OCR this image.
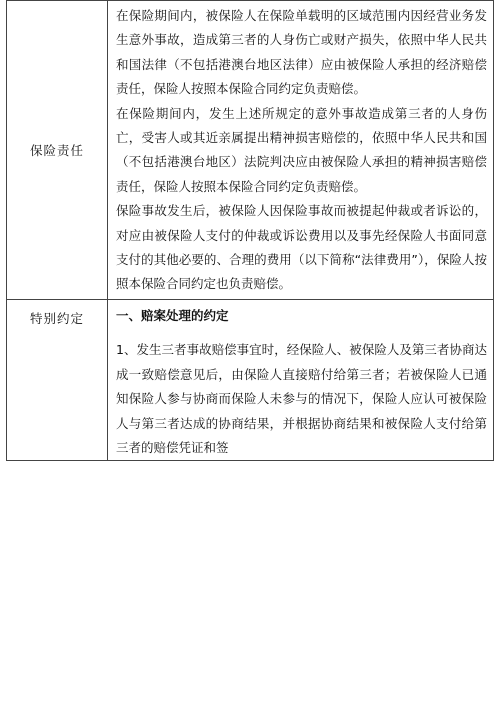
保险责任	在保险期间内，被保险人在保险单载明的区域范围内因经营业务发生意外事故，造成第三者的人身伤亡或财产损失，依照中华人民共和国法律（不包括港澳台地区法律）应由被保险人承担的经济赔偿责任，保险人按照本保险合同约定负责赔偿。

在保险期间内，发生上述所规定的意外事故造成第三者的人身伤亡，受害人或其近亲属提出精神损害赔偿的，依照中华人民共和国（不包括港澳台地区）法院判决应由被保险人承担的精神损害赔偿责任，保险人按照本保险合同约定负责赔偿。

保险事故发生后，被保险人因保险事故而被提起仲裁或者诉讼的，对应由被保险人支付的仲裁或诉讼费用以及事先经保险人书面同意支付的其他必要的、合理的费用（以下简称“法律费用”），保险人按照本保险合同约定也负责赔偿。

特别约定	一、赔案处理的约定

1、发生三者事故赔偿事宜时，经保险人、被保险人及第三者协商达成一致赔偿意见后，由保险人直接赔付给第三者；若被保险人已通知保险人参与协商而保险人未参与的情况下，保险人应认可被保险人与第三者达成的协商结果，并根据协商结果和被保险人支付给第三者的赔偿凭证和签
